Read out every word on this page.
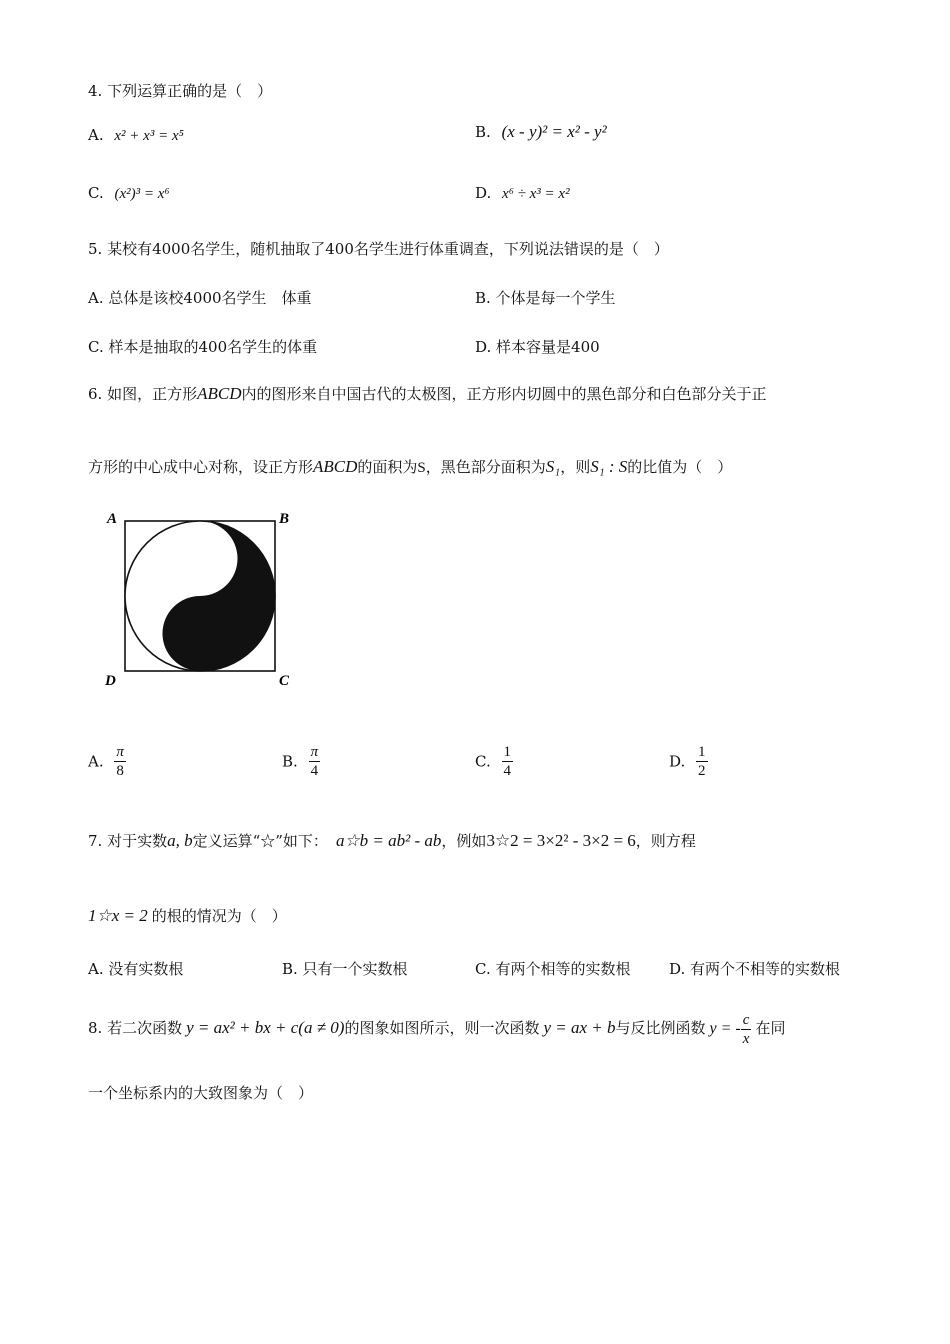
4. 下列运算正确的是（　）
A. x² + x³ = x⁵	B. (x - y)² = x² - y²
C. (x²)³ = x⁶	D. x⁶ ÷ x³ = x²
5. 某校有4000名学生，随机抽取了400名学生进行体重调查，下列说法错误的是（　）
A. 总体是该校4000名学生　体重	B. 个体是每一个学生
C. 样本是抽取的400名学生的体重	D. 样本容量是400
6. 如图，正方形ABCD内的图形来自中国古代的太极图，正方形内切圆中的黑色部分和白色部分关于正
方形的中心成中心对称，设正方形ABCD的面积为S，黑色部分面积为S₁，则S₁ : S的比值为（　）
A	B
C
D
A. $\frac{\pi}{8}$	B. $\frac{\pi}{4}$	C. $\frac{1}{4}$	D. $\frac{1}{2}$
7. 对于实数a, b定义运算“☆”如下： a☆b = ab² - ab，例如3☆2 = 3×2² - 3×2 = 6，则方程
1☆x = 2 的根的情况为（　）
A. 没有实数根	B. 只有一个实数根	C. 有两个相等的实数根	D. 有两个不相等的实数根
8. 若二次函数 y = ax² + bx + c(a ≠ 0)的图象如图所示，则一次函数 y = ax + b与反比例函数 y = - $\frac{c}{x}$ 在同
一个坐标系内的大致图象为（　）
